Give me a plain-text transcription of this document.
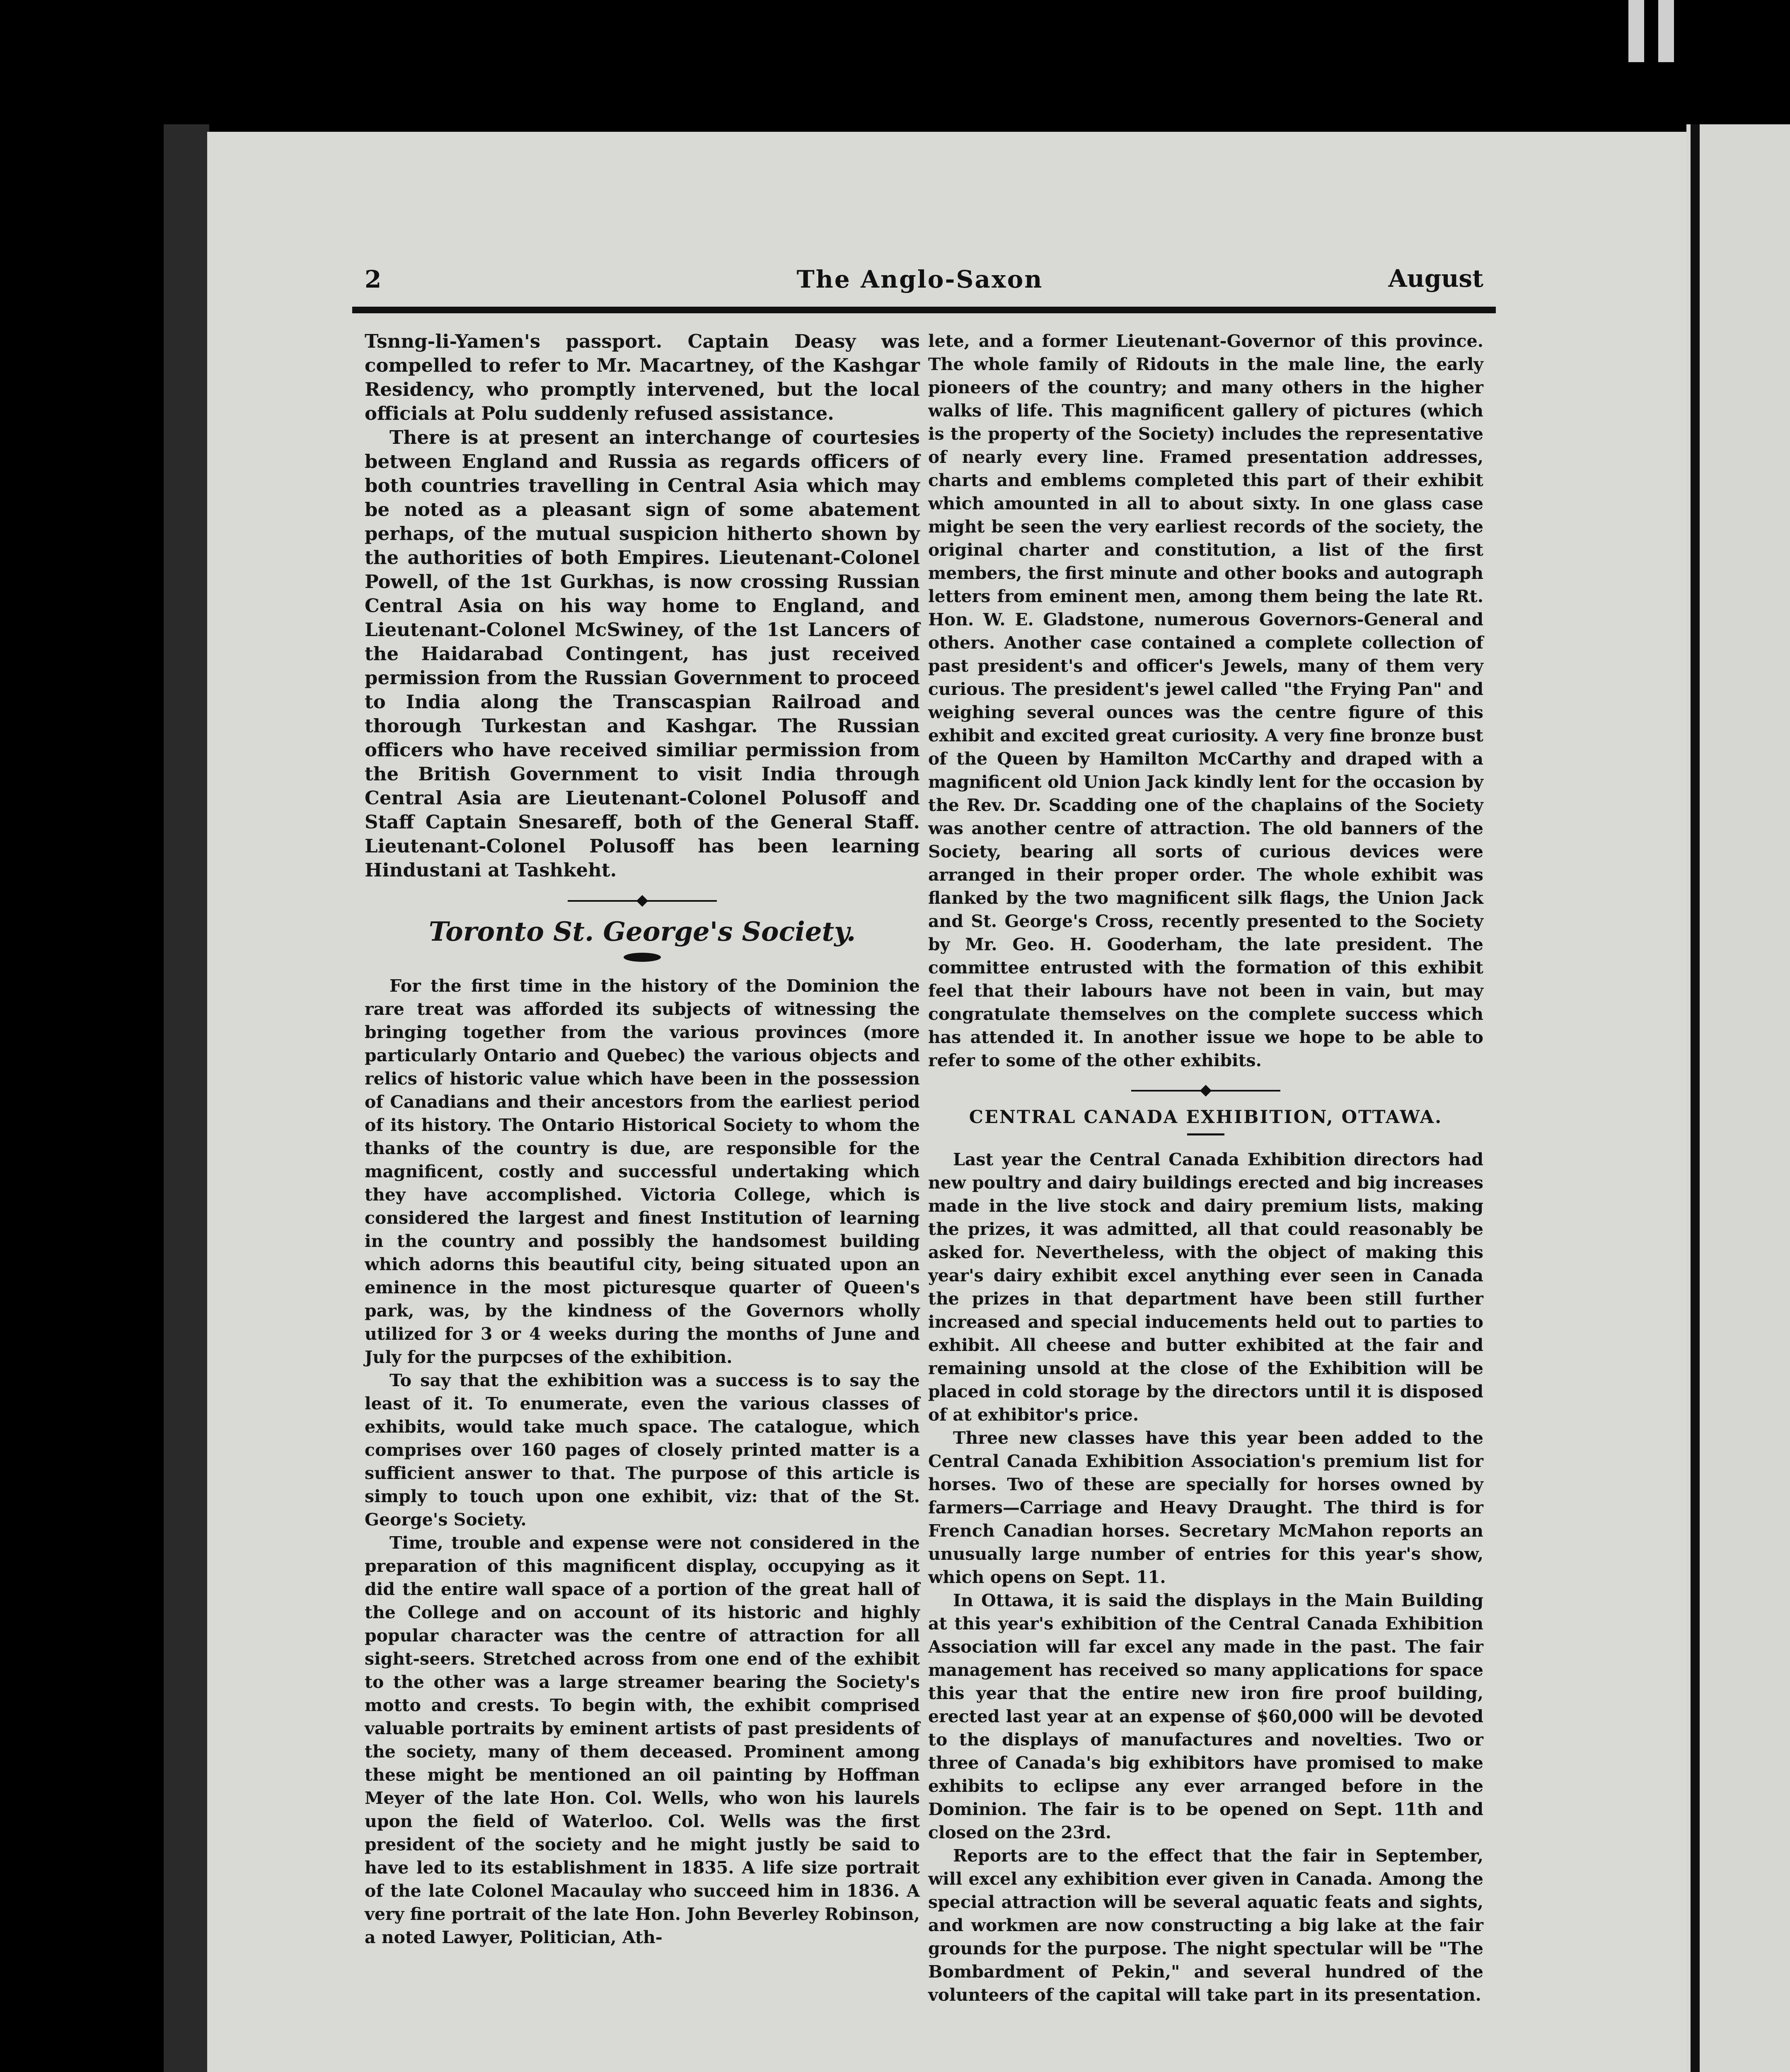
2	The Anglo-Saxon	August

Tsnng-li-Yamen's passport. Captain Deasy was compelled to refer to Mr. Macartney, of the Kashgar Residency, who promptly intervened, but the local officials at Polu suddenly refused assistance.

There is at present an interchange of courtesies between England and Russia as regards officers of both countries travelling in Central Asia which may be noted as a pleasant sign of some abatement perhaps, of the mutual suspicion hitherto shown by the authorities of both Empires. Lieutenant-Colonel Powell, of the 1st Gurkhas, is now crossing Russian Central Asia on his way home to England, and Lieutenant-Colonel McSwiney, of the 1st Lancers of the Haidarabad Contingent, has just received permission from the Russian Government to proceed to India along the Transcaspian Railroad and thorough Turkestan and Kashgar. The Russian officers who have received similiar permission from the British Government to visit India through Central Asia are Lieutenant-Colonel Polusoff and Staff Captain Snesareff, both of the General Staff. Lieutenant-Colonel Polusoff has been learning Hindustani at Tashkeht.

Toronto St. George's Society.

For the first time in the history of the Dominion the rare treat was afforded its subjects of witnessing the bringing together from the various provinces (more particularly Ontario and Quebec) the various objects and relics of historic value which have been in the possession of Canadians and their ancestors from the earliest period of its history. The Ontario Historical Society to whom the thanks of the country is due, are responsible for the magnificent, costly and successful undertaking which they have accomplished. Victoria College, which is considered the largest and finest Institution of learning in the country and possibly the handsomest building which adorns this beautiful city, being situated upon an eminence in the most picturesque quarter of Queen's park, was, by the kindness of the Governors wholly utilized for 3 or 4 weeks during the months of June and July for the purpcses of the exhibition.

To say that the exhibition was a success is to say the least of it. To enumerate, even the various classes of exhibits, would take much space. The catalogue, which comprises over 160 pages of closely printed matter is a sufficient answer to that. The purpose of this article is simply to touch upon one exhibit, viz: that of the St. George's Society.

Time, trouble and expense were not considered in the preparation of this magnificent display, occupying as it did the entire wall space of a portion of the great hall of the College and on account of its historic and highly popular character was the centre of attraction for all sight-seers. Stretched across from one end of the exhibit to the other was a large streamer bearing the Society's motto and crests. To begin with, the exhibit comprised valuable portraits by eminent artists of past presidents of the society, many of them deceased. Prominent among these might be mentioned an oil painting by Hoffman Meyer of the late Hon. Col. Wells, who won his laurels upon the field of Waterloo. Col. Wells was the first president of the society and he might justly be said to have led to its establishment in 1835. A life size portrait of the late Colonel Macaulay who succeed him in 1836. A very fine portrait of the late Hon. John Beverley Robinson, a noted Lawyer, Politician, Ath-

lete, and a former Lieutenant-Governor of this province. The whole family of Ridouts in the male line, the early pioneers of the country; and many others in the higher walks of life. This magnificent gallery of pictures (which is the property of the Society) includes the representative of nearly every line. Framed presentation addresses, charts and emblems completed this part of their exhibit which amounted in all to about sixty. In one glass case might be seen the very earliest records of the society, the original charter and constitution, a list of the first members, the first minute and other books and autograph letters from eminent men, among them being the late Rt. Hon. W. E. Gladstone, numerous Governors-General and others. Another case contained a complete collection of past president's and officer's Jewels, many of them very curious. The president's jewel called "the Frying Pan" and weighing several ounces was the centre figure of this exhibit and excited great curiosity. A very fine bronze bust of the Queen by Hamilton McCarthy and draped with a magnificent old Union Jack kindly lent for the occasion by the Rev. Dr. Scadding one of the chaplains of the Society was another centre of attraction. The old banners of the Society, bearing all sorts of curious devices were arranged in their proper order. The whole exhibit was flanked by the two magnificent silk flags, the Union Jack and St. George's Cross, recently presented to the Society by Mr. Geo. H. Gooderham, the late president. The committee entrusted with the formation of this exhibit feel that their labours have not been in vain, but may congratulate themselves on the complete success which has attended it. In another issue we hope to be able to refer to some of the other exhibits.

CENTRAL CANADA EXHIBITION, OTTAWA.

Last year the Central Canada Exhibition directors had new poultry and dairy buildings erected and big increases made in the live stock and dairy premium lists, making the prizes, it was admitted, all that could reasonably be asked for. Nevertheless, with the object of making this year's dairy exhibit excel anything ever seen in Canada the prizes in that department have been still further increased and special inducements held out to parties to exhibit. All cheese and butter exhibited at the fair and remaining unsold at the close of the Exhibition will be placed in cold storage by the directors until it is disposed of at exhibitor's price.

Three new classes have this year been added to the Central Canada Exhibition Association's premium list for horses. Two of these are specially for horses owned by farmers—Carriage and Heavy Draught. The third is for French Canadian horses. Secretary McMahon reports an unusually large number of entries for this year's show, which opens on Sept. 11.

In Ottawa, it is said the displays in the Main Building at this year's exhibition of the Central Canada Exhibition Association will far excel any made in the past. The fair management has received so many applications for space this year that the entire new iron fire proof building, erected last year at an expense of $60,000 will be devoted to the displays of manufactures and novelties. Two or three of Canada's big exhibitors have promised to make exhibits to eclipse any ever arranged before in the Dominion. The fair is to be opened on Sept. 11th and closed on the 23rd.

Reports are to the effect that the fair in September, will excel any exhibition ever given in Canada. Among the special attraction will be several aquatic feats and sights, and workmen are now constructing a big lake at the fair grounds for the purpose. The night spectular will be "The Bombardment of Pekin," and several hundred of the volunteers of the capital will take part in its presentation.
